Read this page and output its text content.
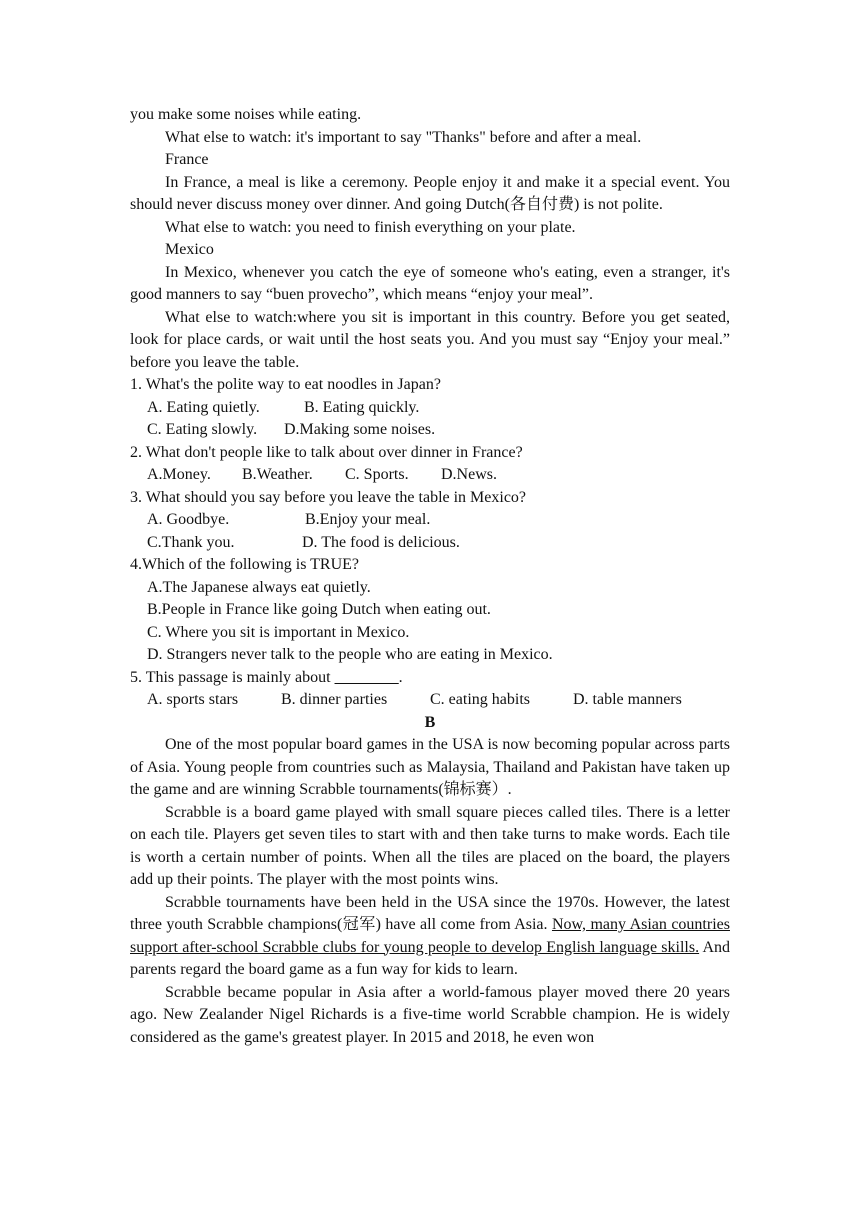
you make some noises while eating.

What else to watch: it's important to say "Thanks" before and after a meal.

France

In France, a meal is like a ceremony. People enjoy it and make it a special event. You should never discuss money over dinner. And going Dutch(各自付费) is not polite.

What else to watch: you need to finish everything on your plate.

Mexico

In Mexico, whenever you catch the eye of someone who's eating, even a stranger, it's good manners to say “buen provecho”, which means “enjoy your meal”.

What else to watch:where you sit is important in this country. Before you get seated, look for place cards, or wait until the host seats you. And you must say “Enjoy your meal.” before you leave the table.

1. What's the polite way to eat noodles in Japan?

A. Eating quietly.	B. Eating quickly.
C. Eating slowly.	D.Making some noises.

2. What don't people like to talk about over dinner in France?

A.Money.	B.Weather.	C. Sports.	D.News.

3. What should you say before you leave the table in Mexico?

A. Goodbye.	B.Enjoy your meal.
C.Thank you.	D. The food is delicious.

4.Which of the following is TRUE?

A.The Japanese always eat quietly.

B.People in France like going Dutch when eating out.

C. Where you sit is important in Mexico.

D. Strangers never talk to the people who are eating in Mexico.

5. This passage is mainly about ________.

A. sports stars	B. dinner parties	C. eating habits	D. table manners

B

One of the most popular board games in the USA is now becoming popular across parts of Asia. Young people from countries such as Malaysia, Thailand and Pakistan have taken up the game and are winning Scrabble tournaments(锦标赛）.

Scrabble is a board game played with small square pieces called tiles. There is a letter on each tile. Players get seven tiles to start with and then take turns to make words. Each tile is worth a certain number of points. When all the tiles are placed on the board, the players add up their points. The player with the most points wins.

Scrabble tournaments have been held in the USA since the 1970s. However, the latest three youth Scrabble champions(冠军) have all come from Asia. Now, many Asian countries support after-school Scrabble clubs for young people to develop English language skills. And parents regard the board game as a fun way for kids to learn.

Scrabble became popular in Asia after a world-famous player moved there 20 years ago. New Zealander Nigel Richards is a five-time world Scrabble champion. He is widely considered as the game's greatest player. In 2015 and 2018, he even won
